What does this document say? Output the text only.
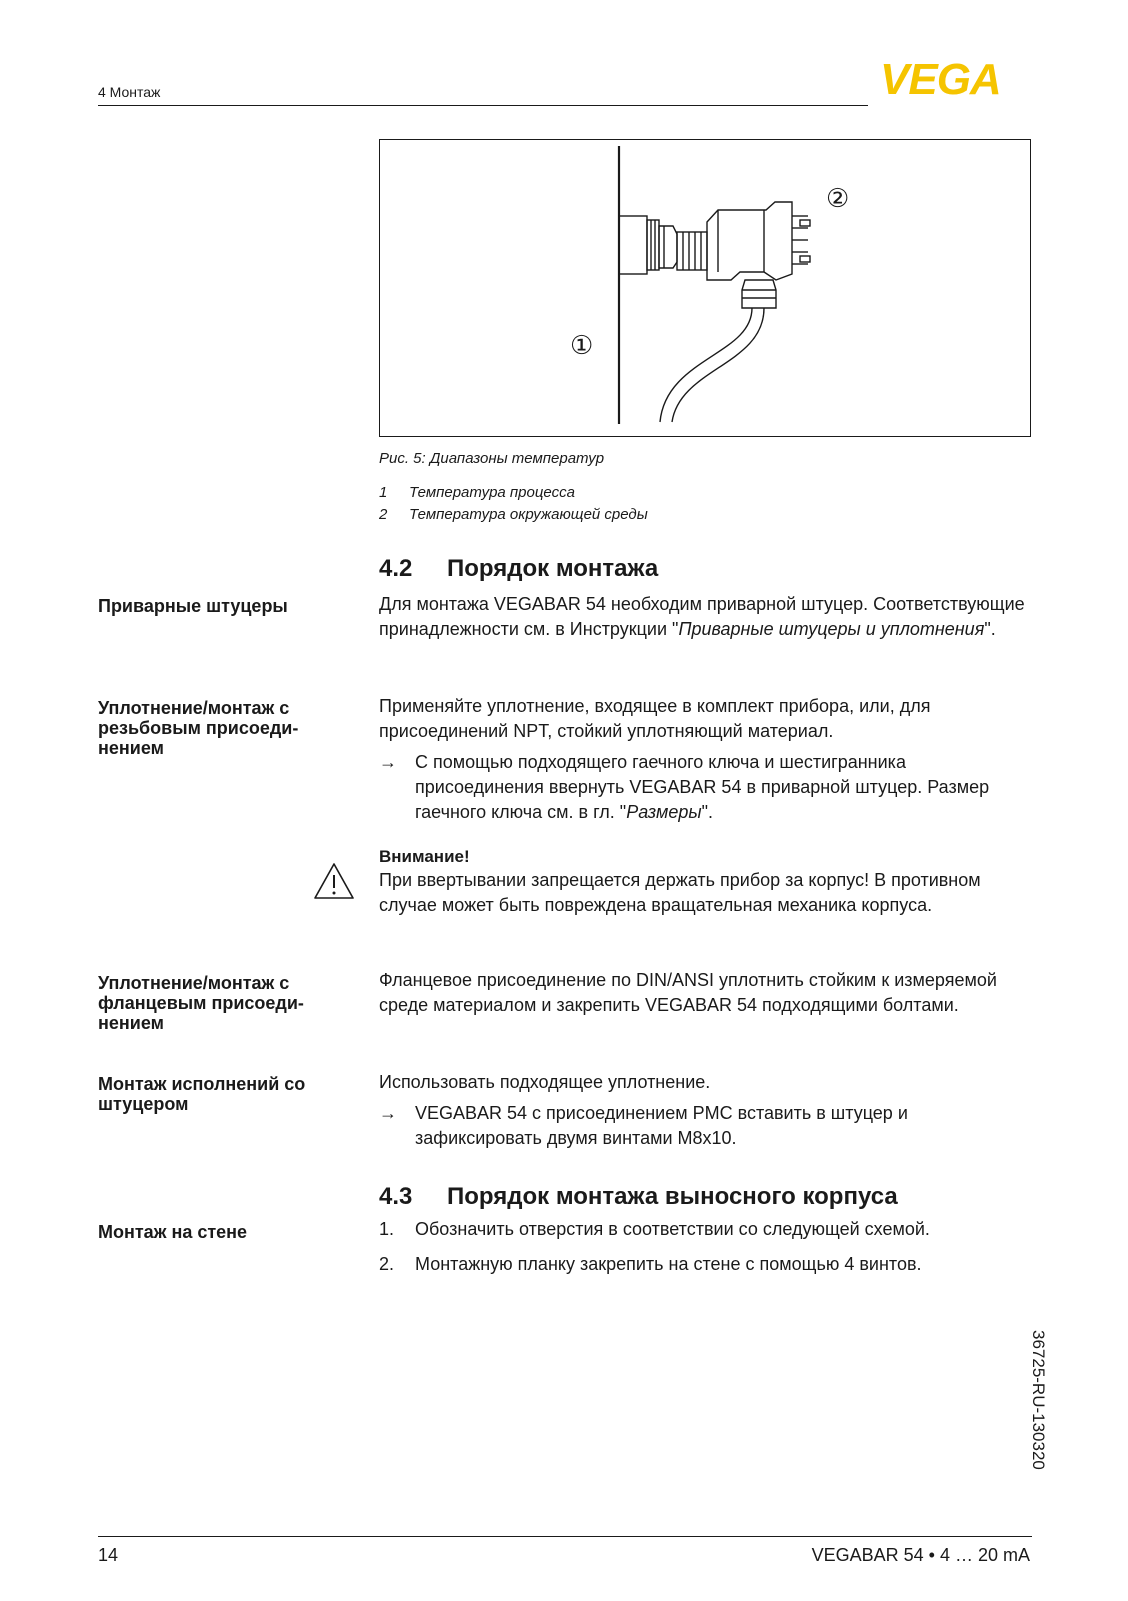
4 Монтаж	VEGA
②
①
Рис. 5: Диапазоны температур
1 Температура процесса
2 Температура окружающей среды
4.2 Порядок монтажа
Приварные штуцеры	Для монтажа VEGABAR 54 необходим приварной штуцер. Соответствующие принадлежности см. в Инструкции "Приварные штуцеры и уплотнения".

Уплотнение/монтаж с резьбовым присоеди- нением

Применяйте уплотнение, входящее в комплект прибора, или, для присоединений NPT, стойкий уплотняющий материал.

→ С помощью подходящего гаечного ключа и шестигранника присоединения ввернуть VEGABAR 54 в приварной штуцер. Размер гаечного ключа см. в гл. "Размеры".
Внимание!

При ввертывании запрещается держать прибор за корпус! В противном случае может быть повреждена вращательная механика корпуса.

Уплотнение/монтаж с фланцевым присоеди- нением

Фланцевое присоединение по DIN/ANSI уплотнить стойким к измеряемой среде материалом и закрепить VEGABAR 54 подходящими болтами.

Монтаж исполнений со штуцером

Использовать подходящее уплотнение.

→ VEGABAR 54 с присоединением PMC вставить в штуцер и зафиксировать двумя винтами M8x10.
4.3 Порядок монтажа выносного корпуса
Монтаж на стене	1. Обозначить отверстия в соответствии со следующей схемой.
2. Монтажную планку закрепить на стене с помощью 4 винтов.
36725-RU-130320
14	VEGABAR 54 • 4 … 20 mA
